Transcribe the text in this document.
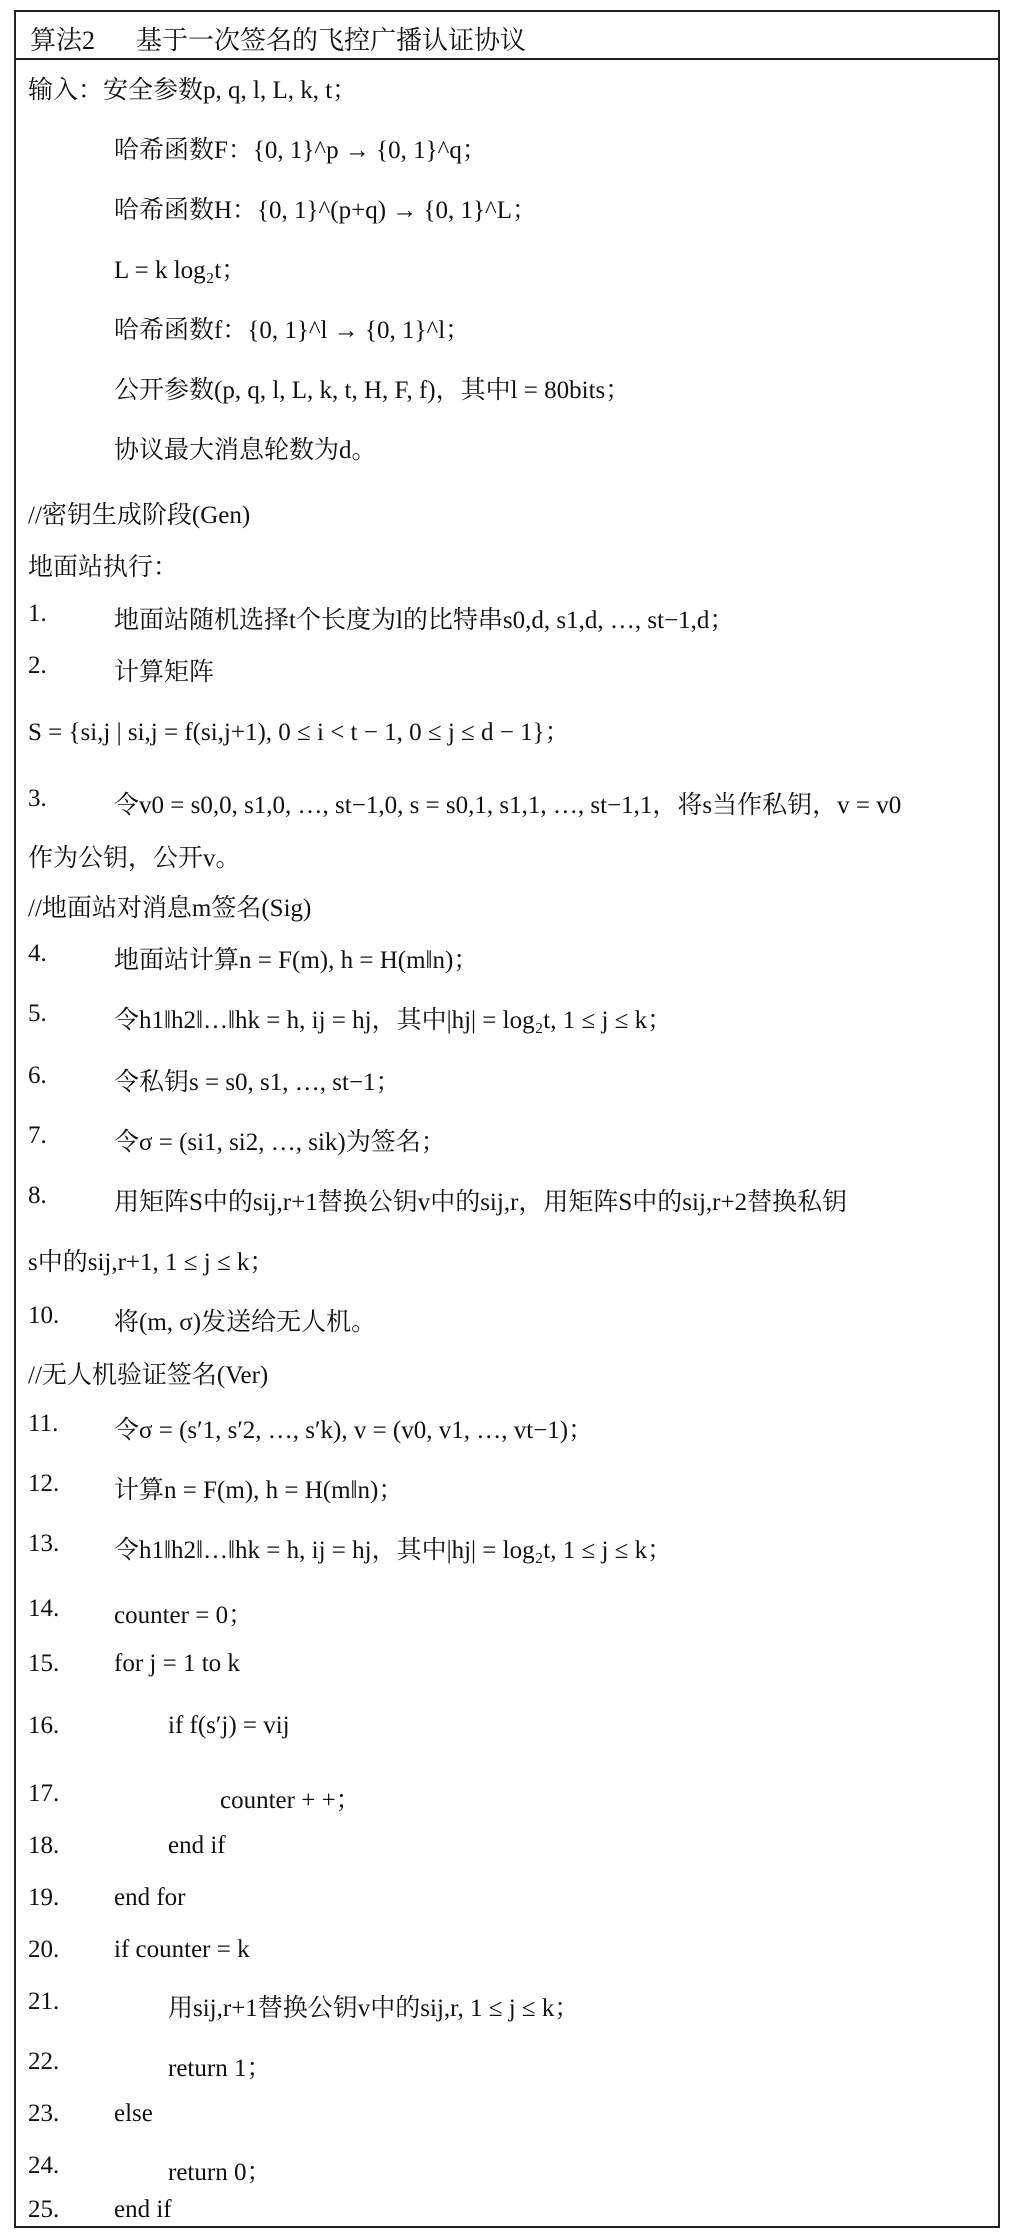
算法2 基于一次签名的飞控广播认证协议
输入：安全参数p, q, l, L, k, t；
哈希函数F：{0, 1}^p → {0, 1}^q；
哈希函数H：{0, 1}^(p+q) → {0, 1}^L；
L = k log₂t；
哈希函数f：{0, 1}^l → {0, 1}^l；
公开参数(p, q, l, L, k, t, H, F, f)，其中l = 80bits；
协议最大消息轮数为d。
//密钥生成阶段(Gen)
地面站执行：
1.	地面站随机选择t个长度为l的比特串s0,d, s1,d, …, st−1,d；
2.	计算矩阵
S = {si,j | si,j = f(si,j+1), 0 ≤ i < t − 1, 0 ≤ j ≤ d − 1}；
3.	令v0 = s0,0, s1,0, …, st−1,0, s = s0,1, s1,1, …, st−1,1，将s当作私钥，v = v0
作为公钥，公开v。
//地面站对消息m签名(Sig)
4.	地面站计算n = F(m), h = H(m‖n)；
5.	令h1‖h2‖…‖hk = h, ij = hj，其中|hj| = log₂t, 1 ≤ j ≤ k；
6.	令私钥s = s0, s1, …, st−1；
7.	令σ = (si1, si2, …, sik)为签名；
8.	用矩阵S中的sij,r+1替换公钥v中的sij,r，用矩阵S中的sij,r+2替换私钥
s中的sij,r+1, 1 ≤ j ≤ k；
10. 将(m, σ)发送给无人机。
//无人机验证签名(Ver)
11. 令σ = (s′1, s′2, …, s′k), v = (v0, v1, …, vt−1)；
12. 计算n = F(m), h = H(m‖n)；
13. 令h1‖h2‖…‖hk = h, ij = hj，其中|hj| = log₂t, 1 ≤ j ≤ k；
14. counter = 0；
15. for j = 1 to k
16.	if f(s′j) = vij
17.	counter + +；
18.	end if
19. end for
20. if counter = k
21.	用sij,r+1替换公钥v中的sij,r, 1 ≤ j ≤ k；
22.	return 1；
23. else
24.	return 0；
25. end if
